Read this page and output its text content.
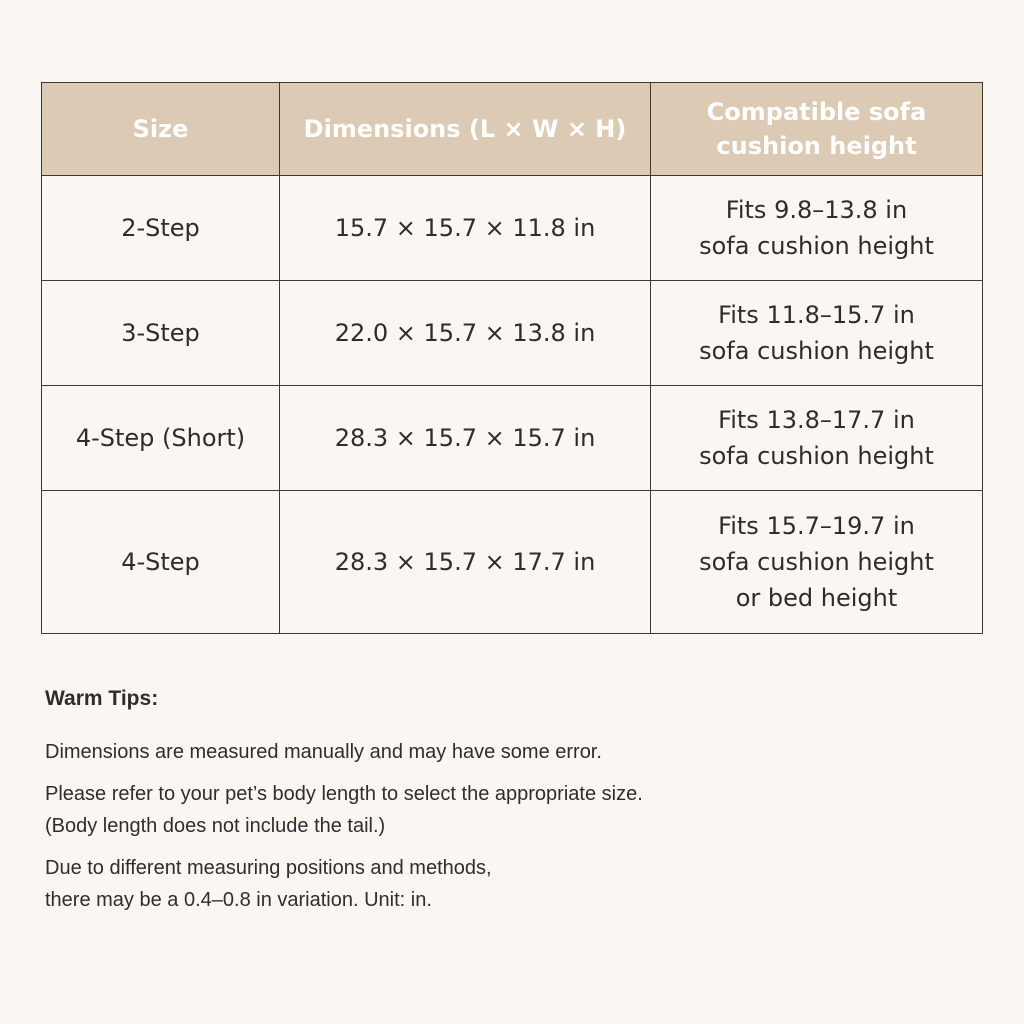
Size	Dimensions (L × W × H)	Compatible sofa cushion height
2-Step	15.7 × 15.7 × 11.8 in	Fits 9.8–13.8 in
sofa cushion height

3-Step	22.0 × 15.7 × 13.8 in	Fits 11.8–15.7 in
sofa cushion height

4-Step (Short)	28.3 × 15.7 × 15.7 in	Fits 13.8–17.7 in
sofa cushion height

4-Step	28.3 × 15.7 × 17.7 in	Fits 15.7–19.7 in
sofa cushion height
or bed height
Warm Tips:
Dimensions are measured manually and may have some error.
Please refer to your pet’s body length to select the appropriate size.
(Body length does not include the tail.)
Due to different measuring positions and methods,
there may be a 0.4–0.8 in variation. Unit: in.
